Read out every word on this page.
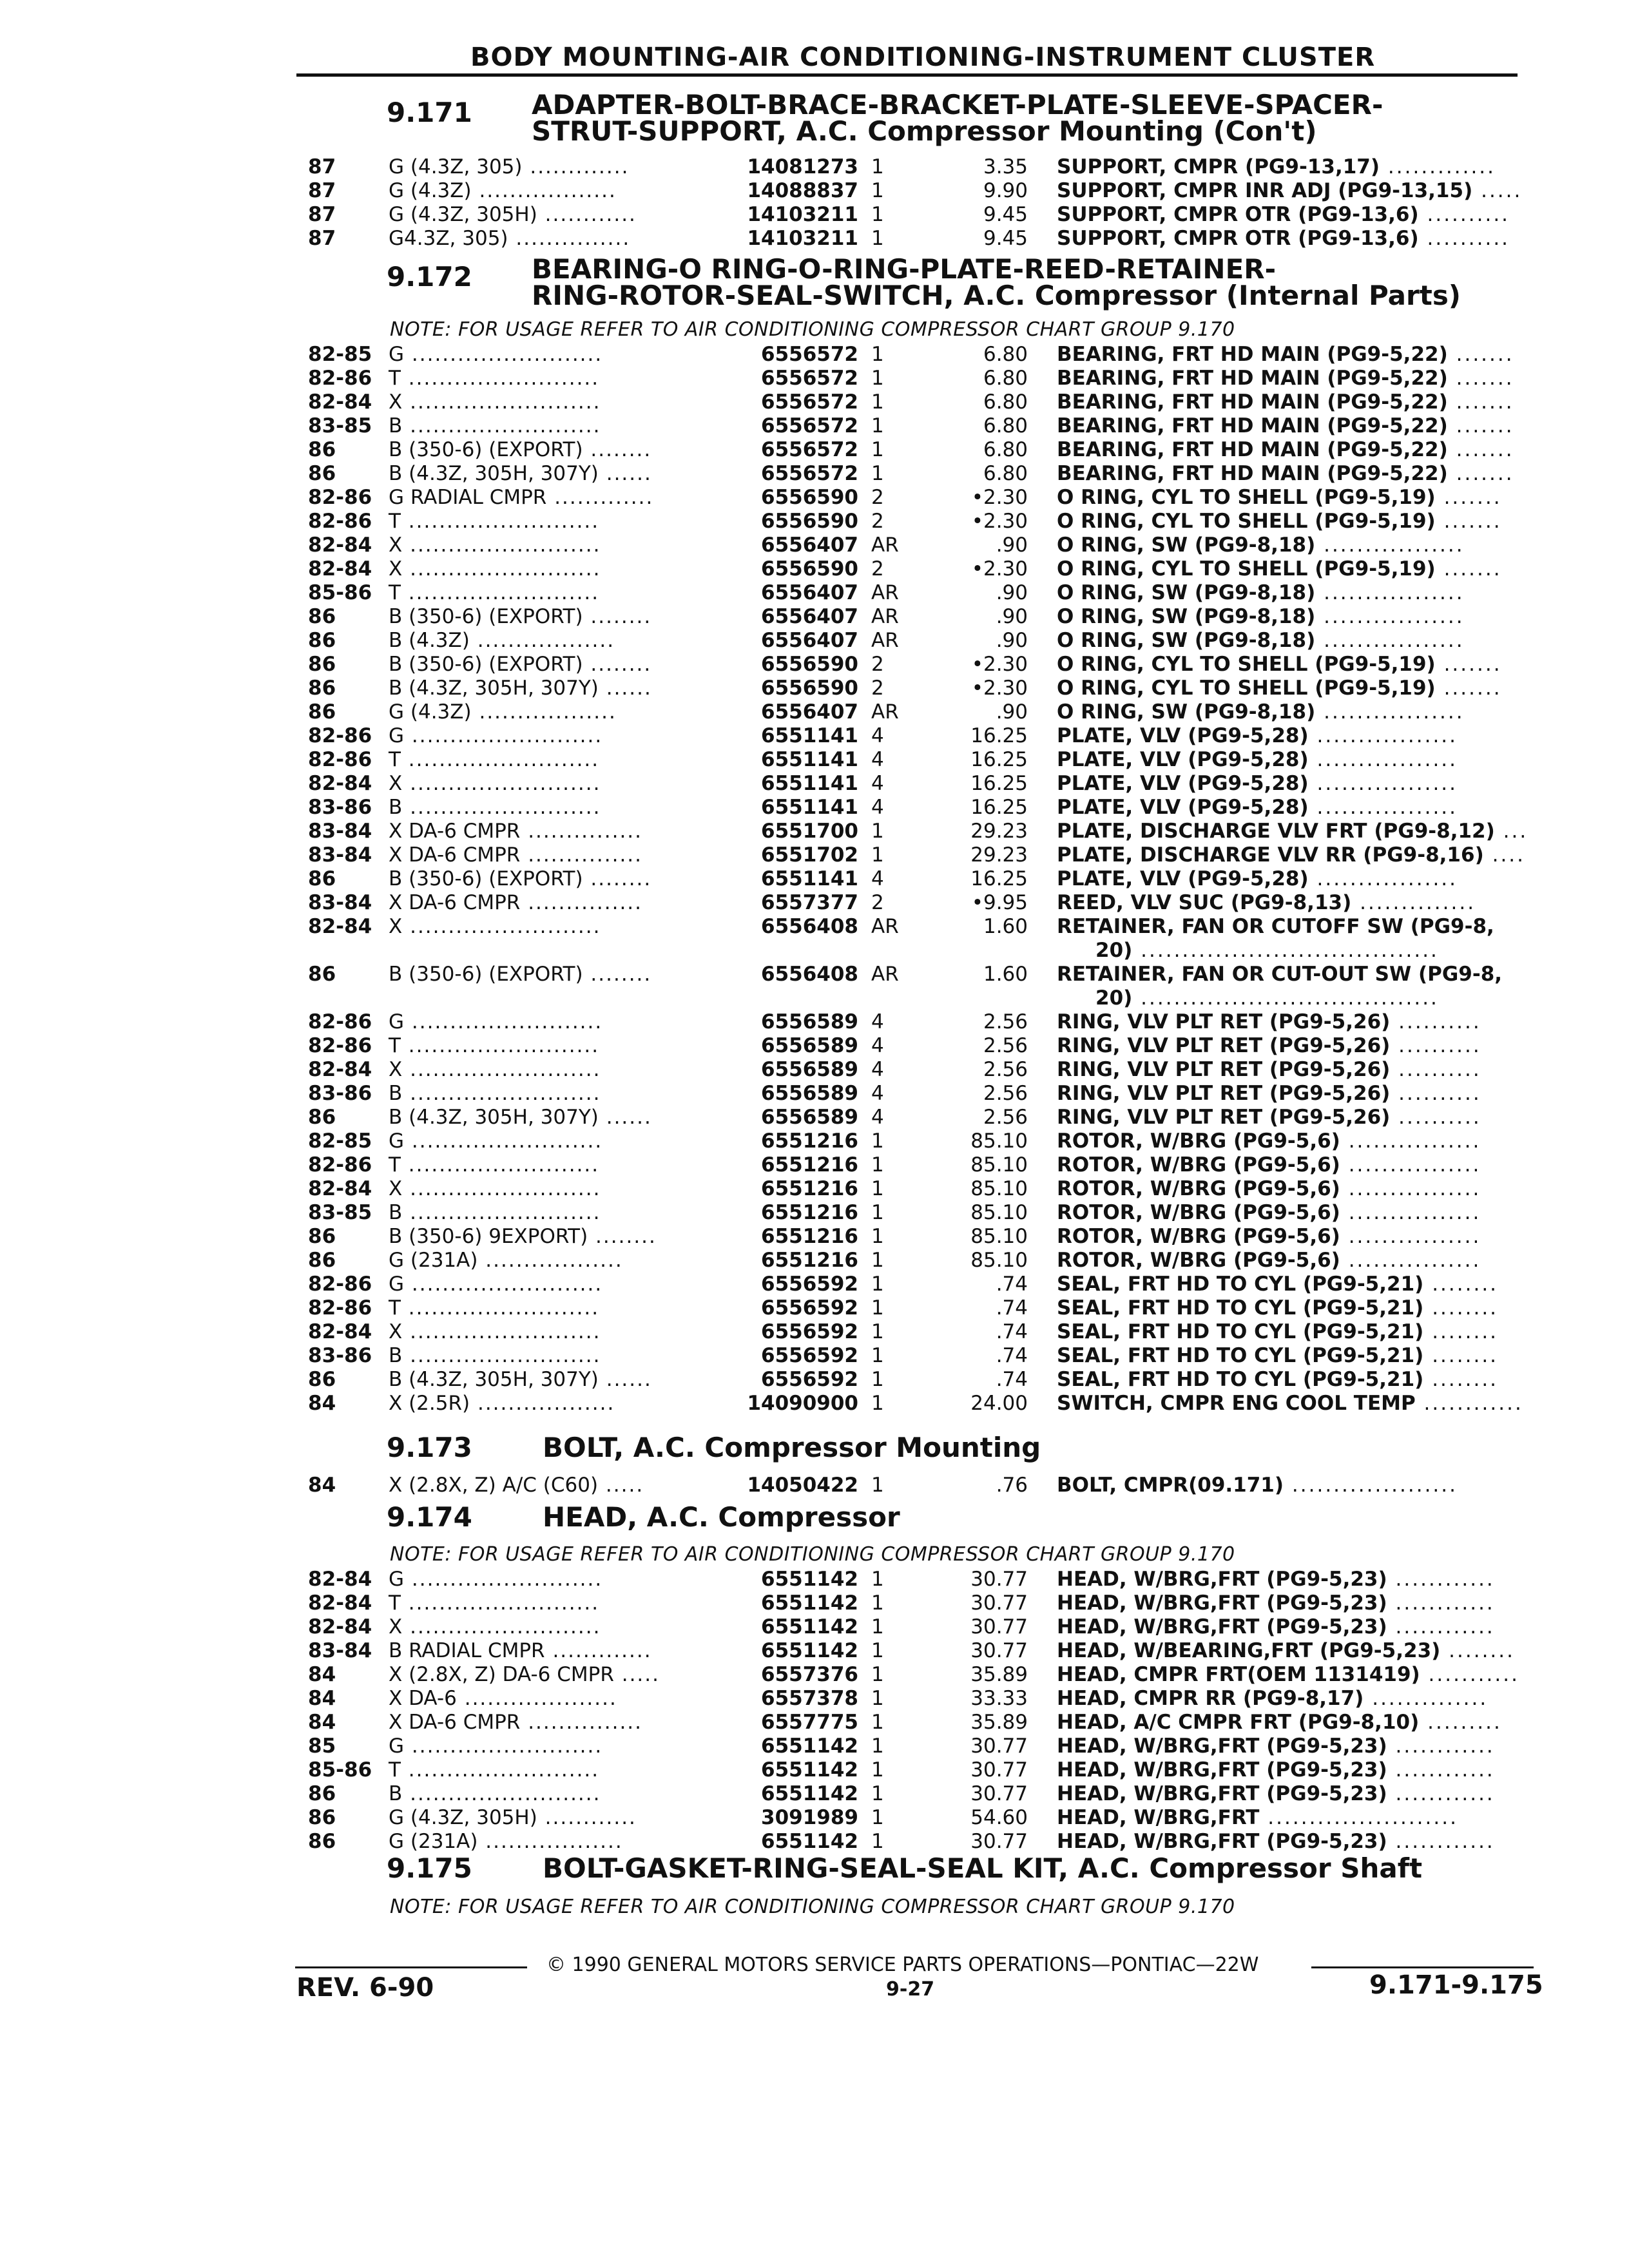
BODY MOUNTING-AIR CONDITIONING-INSTRUMENT CLUSTER
9.171 ADAPTER-BOLT-BRACE-BRACKET-PLATE-SLEEVE-SPACER-
STRUT-SUPPORT, A.C. Compressor Mounting (Con't)
87	G (4.3Z, 305) .............	14081273 1	3.35 SUPPORT, CMPR (PG9-13,17) .............
87	G (4.3Z) ..................	14088837 1	9.90 SUPPORT, CMPR INR ADJ (PG9-13,15) .....
87	G (4.3Z, 305H) ............	14103211 1	9.45 SUPPORT, CMPR OTR (PG9-13,6) ..........
87	G4.3Z, 305) ...............	14103211 1	9.45 SUPPORT, CMPR OTR (PG9-13,6) ..........
9.172 BEARING-O RING-O-RING-PLATE-REED-RETAINER-
RING-ROTOR-SEAL-SWITCH, A.C. Compressor (Internal Parts)
NOTE: FOR USAGE REFER TO AIR CONDITIONING COMPRESSOR CHART GROUP 9.170
82-85 G .........................	6556572 1	6.80 BEARING, FRT HD MAIN (PG9-5,22) .......
82-86 T .........................	6556572 1	6.80 BEARING, FRT HD MAIN (PG9-5,22) .......
82-84 X .........................	6556572 1	6.80 BEARING, FRT HD MAIN (PG9-5,22) .......
83-85 B .........................	6556572 1	6.80 BEARING, FRT HD MAIN (PG9-5,22) .......
86	B (350-6) (EXPORT) ........	6556572 1	6.80 BEARING, FRT HD MAIN (PG9-5,22) .......
86	B (4.3Z, 305H, 307Y) ......	6556572 1	6.80 BEARING, FRT HD MAIN (PG9-5,22) .......
82-86 G RADIAL CMPR .............	6556590 2	•2.30 O RING, CYL TO SHELL (PG9-5,19) .......
82-86 T .........................	6556590 2	•2.30 O RING, CYL TO SHELL (PG9-5,19) .......
82-84 X .........................	6556407 AR	.90 O RING, SW (PG9-8,18) .................
82-84 X .........................	6556590 2	•2.30 O RING, CYL TO SHELL (PG9-5,19) .......
85-86 T .........................	6556407 AR	.90 O RING, SW (PG9-8,18) .................
86	B (350-6) (EXPORT) ........	6556407 AR	.90 O RING, SW (PG9-8,18) .................
86	B (4.3Z) ..................	6556407 AR	.90 O RING, SW (PG9-8,18) .................
86	B (350-6) (EXPORT) ........	6556590 2	•2.30 O RING, CYL TO SHELL (PG9-5,19) .......
86	B (4.3Z, 305H, 307Y) ......	6556590 2	•2.30 O RING, CYL TO SHELL (PG9-5,19) .......
86	G (4.3Z) ..................	6556407 AR	.90 O RING, SW (PG9-8,18) .................
82-86 G .........................	6551141 4	16.25 PLATE, VLV (PG9-5,28) .................
82-86 T .........................	6551141 4	16.25 PLATE, VLV (PG9-5,28) .................
82-84 X .........................	6551141 4	16.25 PLATE, VLV (PG9-5,28) .................
83-86 B .........................	6551141 4	16.25 PLATE, VLV (PG9-5,28) .................
83-84 X DA-6 CMPR ...............	6551700 1	29.23 PLATE, DISCHARGE VLV FRT (PG9-8,12) ...
83-84 X DA-6 CMPR ...............	6551702 1	29.23 PLATE, DISCHARGE VLV RR (PG9-8,16) ....
86	B (350-6) (EXPORT) ........	6551141 4	16.25 PLATE, VLV (PG9-5,28) .................
83-84 X DA-6 CMPR ...............	6557377 2	•9.95 REED, VLV SUC (PG9-8,13) ..............
82-84 X .........................	6556408 AR	1.60 RETAINER, FAN OR CUTOFF SW (PG9-8,
20) ....................................
86	B (350-6) (EXPORT) ........	6556408 AR	1.60 RETAINER, FAN OR CUT-OUT SW (PG9-8,
20) ....................................
82-86 G .........................	6556589 4	2.56 RING, VLV PLT RET (PG9-5,26) ..........
82-86 T .........................	6556589 4	2.56 RING, VLV PLT RET (PG9-5,26) ..........
82-84 X .........................	6556589 4	2.56 RING, VLV PLT RET (PG9-5,26) ..........
83-86 B .........................	6556589 4	2.56 RING, VLV PLT RET (PG9-5,26) ..........
86	B (4.3Z, 305H, 307Y) ......	6556589 4	2.56 RING, VLV PLT RET (PG9-5,26) ..........
82-85 G .........................	6551216 1	85.10 ROTOR, W/BRG (PG9-5,6) ................
82-86 T .........................	6551216 1	85.10 ROTOR, W/BRG (PG9-5,6) ................
82-84 X .........................	6551216 1	85.10 ROTOR, W/BRG (PG9-5,6) ................
83-85 B .........................	6551216 1	85.10 ROTOR, W/BRG (PG9-5,6) ................
86	B (350-6) 9EXPORT) ........	6551216 1	85.10 ROTOR, W/BRG (PG9-5,6) ................
86	G (231A) ..................	6551216 1	85.10 ROTOR, W/BRG (PG9-5,6) ................
82-86 G .........................	6556592 1	.74 SEAL, FRT HD TO CYL (PG9-5,21) ........
82-86 T .........................	6556592 1	.74 SEAL, FRT HD TO CYL (PG9-5,21) ........
82-84 X .........................	6556592 1	.74 SEAL, FRT HD TO CYL (PG9-5,21) ........
83-86 B .........................	6556592 1	.74 SEAL, FRT HD TO CYL (PG9-5,21) ........
86	B (4.3Z, 305H, 307Y) ......	6556592 1	.74 SEAL, FRT HD TO CYL (PG9-5,21) ........
84	X (2.5R) ..................	14090900 1	24.00 SWITCH, CMPR ENG COOL TEMP ............
9.173	BOLT, A.C. Compressor Mounting
84	X (2.8X, Z) A/C (C60) .....	14050422 1	.76 BOLT, CMPR(09.171) ....................
9.174	HEAD, A.C. Compressor
NOTE: FOR USAGE REFER TO AIR CONDITIONING COMPRESSOR CHART GROUP 9.170
82-84 G .........................	6551142 1	30.77 HEAD, W/BRG,FRT (PG9-5,23) ............
82-84 T .........................	6551142 1	30.77 HEAD, W/BRG,FRT (PG9-5,23) ............
82-84 X .........................	6551142 1	30.77 HEAD, W/BRG,FRT (PG9-5,23) ............
83-84 B RADIAL CMPR .............	6551142 1	30.77 HEAD, W/BEARING,FRT (PG9-5,23) ........
84	X (2.8X, Z) DA-6 CMPR .....	6557376 1	35.89 HEAD, CMPR FRT(OEM 1131419) ...........
84	X DA-6 ....................	6557378 1	33.33 HEAD, CMPR RR (PG9-8,17) ..............
84	X DA-6 CMPR ...............	6557775 1	35.89 HEAD, A/C CMPR FRT (PG9-8,10) .........
85	G .........................	6551142 1	30.77 HEAD, W/BRG,FRT (PG9-5,23) ............
85-86 T .........................	6551142 1	30.77 HEAD, W/BRG,FRT (PG9-5,23) ............
86	B .........................	6551142 1	30.77 HEAD, W/BRG,FRT (PG9-5,23) ............
86	G (4.3Z, 305H) ............	3091989 1	54.60 HEAD, W/BRG,FRT .......................
86	G (231A) ..................	6551142 1	30.77 HEAD, W/BRG,FRT (PG9-5,23) ............
9.175	BOLT-GASKET-RING-SEAL-SEAL KIT, A.C. Compressor Shaft
NOTE: FOR USAGE REFER TO AIR CONDITIONING COMPRESSOR CHART GROUP 9.170
© 1990 GENERAL MOTORS SERVICE PARTS OPERATIONS—PONTIAC—22W
REV. 6-90	9-27	9.171-9.175
